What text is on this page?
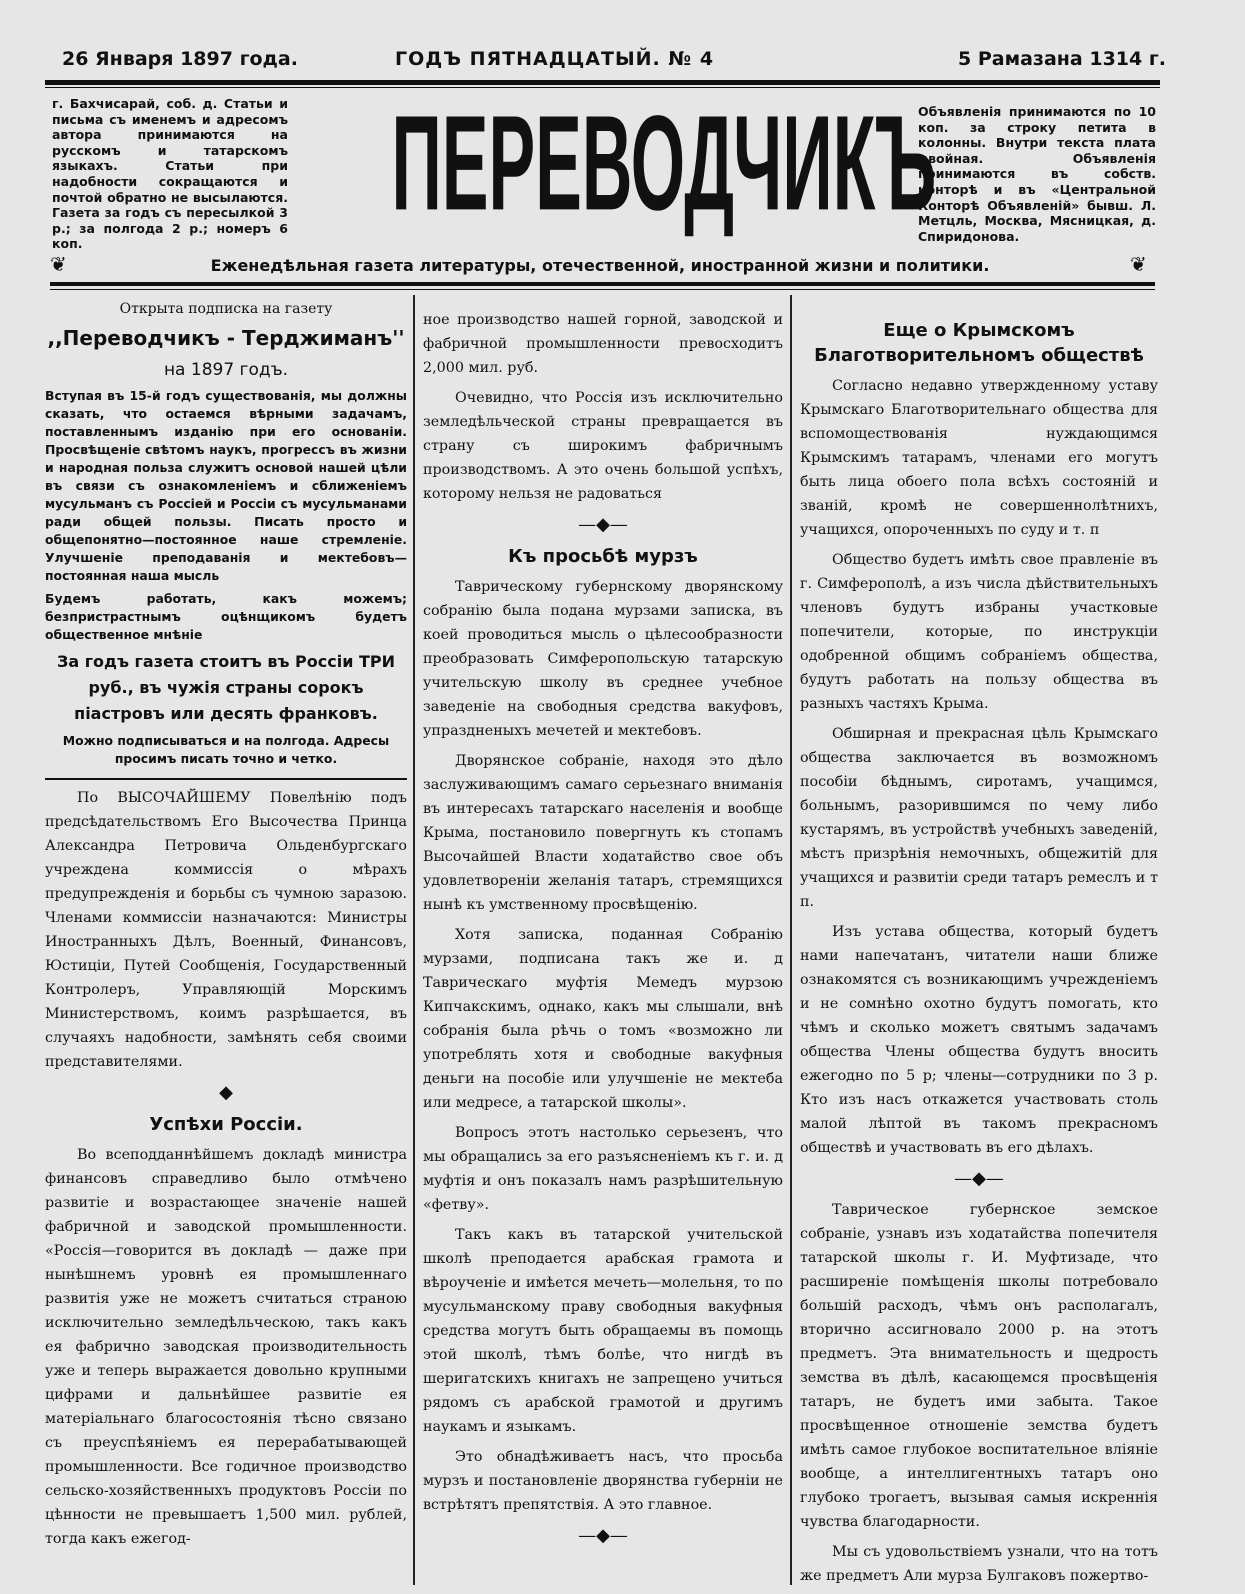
26 Января 1897 года.	ГОДЪ ПЯТНАДЦАТЫЙ. № 4	5 Рамазана 1314 г.
г. Бахчисарай, соб. д. Статьи и письма съ именемъ и адресомъ автора принимаются на русскомъ и татарскомъ языкахъ. Статьи при надобности сокращаются и почтой обратно не высылаются. Газета за годъ съ пересылкой 3 р.; за полгода 2 р.; номеръ 6 коп.
ПЕРЕВОДЧИКЪ
Объявленія принимаются по 10 коп. за строку петита в колонны. Внутри текста плата двойная. Объявленія принимаются въ собств. конторѣ и въ «Центральной Конторѣ Объявленій» бывш. Л. Метцль, Москва, Мясницкая, д. Спиридонова.
❦	Еженедѣльная газета литературы, отечественной, иностранной жизни и политики.	❦

Открыта подписка на газету

,,Переводчикъ - Терджиманъ''

на 1897 годъ.

Вступая въ 15-й годъ существованія, мы должны сказать, что остаемся вѣрными задачамъ, поставленнымъ изданію при его основаніи. Просвѣщеніе свѣтомъ наукъ, прогрессъ въ жизни и народная польза служитъ основой нашей цѣли въ связи съ ознакомленіемъ и сближеніемъ мусульманъ съ Россіей и Россіи съ мусульманами ради общей пользы. Писать просто и общепонятно—постоянное наше стремленіе. Улучшеніе преподаванія и мектебовъ—постоянная наша мысль

Будемъ работать, какъ можемъ; безпристрастнымъ оцѣнщикомъ будетъ общественное мнѣніе

За годъ газета стоитъ въ Россіи ТРИ руб., въ чужія страны сорокъ піастровъ или десять франковъ.

Можно подписываться и на полгода. Адресы просимъ писать точно и четко.

По ВЫСОЧАЙШЕМУ Повелѣнію подъ предсѣдательствомъ Его Высочества Принца Александра Петровича Ольденбургскаго учреждена коммиссія о мѣрахъ предупрежденія и борьбы съ чумною заразою. Членами коммиссіи назначаются: Министры Иностранныхъ Дѣлъ, Военный, Финансовъ, Юстиціи, Путей Сообщенія, Государственный Контролеръ, Управляющій Морскимъ Министерствомъ, коимъ разрѣшается, въ случаяхъ надобности, замѣнять себя своими представителями.

◆
Успѣхи Россіи.

Во всеподданнѣйшемъ докладѣ министра финансовъ справедливо было отмѣчено развитіе и возрастающее значеніе нашей фабричной и заводской промышленности. «Россія—говорится въ докладѣ — даже при нынѣшнемъ уровнѣ ея промышленнаго развитія уже не можетъ считаться страною исключительно земледѣльческою, такъ какъ ея фабрично заводская производительность уже и теперь выражается довольно крупными цифрами и дальнѣйшее развитіе ея матеріальнаго благосостоянія тѣсно связано съ преуспѣяніемъ ея перерабатывающей промышленности. Все годичное производство сельско-хозяйственныхъ продуктовъ Россіи по цѣнности не превышаетъ 1,500 мил. рублей, тогда какъ ежегод-

ное производство нашей горной, заводской и фабричной промышленности превосходитъ 2,000 мил. руб.

Очевидно, что Россія изъ исключительно земледѣльческой страны превращается въ страну съ широкимъ фабричнымъ производствомъ. А это очень большой успѣхъ, которому нельзя не радоваться

—◆—
Къ просьбѣ мурзъ

Таврическому губернскому дворянскому собранію была подана мурзами записка, въ коей проводиться мысль о цѣлесообразности преобразовать Симферопольскую татарскую учительскую школу въ среднее учебное заведеніе на свободныя средства вакуфовъ, упраздненыхъ мечетей и мектебовъ.

Дворянское собраніе, находя это дѣло заслуживающимъ самаго серьезнаго вниманія въ интересахъ татарскаго населенія и вообще Крыма, постановило повергнуть къ стопамъ Высочайшей Власти ходатайство свое объ удовлетвореніи желанія татаръ, стремящихся нынѣ къ умственному просвѣщенію.

Хотя записка, поданная Собранію мурзами, подписана такъ же и. д Таврическаго муфтія Мемедъ мурзою Кипчакскимъ, однако, какъ мы слышали, внѣ собранія была рѣчь о томъ «возможно ли употреблять хотя и свободные вакуфныя деньги на пособіе или улучшеніе не мектеба или медресе, а татарской школы».

Вопросъ этотъ настолько серьезенъ, что мы обращались за его разъясненіемъ къ г. и. д муфтія и онъ показалъ намъ разрѣшительную «фетву».

Такъ какъ въ татарской учительской школѣ преподается арабская грамота и вѣроученіе и имѣется мечеть—молельня, то по мусульманскому праву свободныя вакуфныя средства могутъ быть обращаемы въ помощь этой школѣ, тѣмъ болѣе, что нигдѣ въ шеригатскихъ книгахъ не запрещено учиться рядомъ съ арабской грамотой и другимъ наукамъ и языкамъ.

Это обнадѣживаетъ насъ, что просьба мурзъ и постановленіе дворянства губерніи не встрѣтятъ препятствія. А это главное.

—◆—
Еще о Крымскомъ Благотворительномъ обществѣ

Согласно недавно утвержденному уставу Крымскаго Благотворительнаго общества для вспомоществованія нуждающимся Крымскимъ татарамъ, членами его могутъ быть лица обоего пола всѣхъ состояній и званій, кромѣ не совершеннолѣтнихъ, учащихся, опороченныхъ по суду и т. п

Общество будетъ имѣть свое правленіе въ г. Симферополѣ, а изъ числа дѣйствительныхъ членовъ будутъ избраны участковые попечители, которые, по инструкціи одобренной общимъ собраніемъ общества, будутъ работать на пользу общества въ разныхъ частяхъ Крыма.

Обширная и прекрасная цѣль Крымскаго общества заключается въ возможномъ пособіи бѣднымъ, сиротамъ, учащимся, больнымъ, разорившимся по чему либо кустарямъ, въ устройствѣ учебныхъ заведеній, мѣстъ призрѣнія немочныхъ, общежитій для учащихся и развитіи среди татаръ ремеслъ и т п.

Изъ устава общества, который будетъ нами напечатанъ, читатели наши ближе ознакомятся съ возникающимъ учрежденіемъ и не сомнѣно охотно будутъ помогать, кто чѣмъ и сколько можетъ святымъ задачамъ общества Члены общества будутъ вносить ежегодно по 5 р; члены—сотрудники по 3 р. Кто изъ насъ откажется участвовать столь малой лѣптой въ такомъ прекрасномъ обществѣ и участвовать въ его дѣлахъ.

—◆—

Таврическое губернское земское собраніе, узнавъ изъ ходатайства попечителя татарской школы г. И. Муфтизаде, что расширеніе помѣщенія школы потребовало большій расходъ, чѣмъ онъ располагалъ, вторично ассигновало 2000 р. на этотъ предметъ. Эта внимательность и щедрость земства въ дѣлѣ, касающемся просвѣщенія татаръ, не будетъ ими забыта. Такое просвѣщенное отношеніе земства будетъ имѣть самое глубокое воспитательное вліяніе вообще, а интеллигентныхъ татаръ оно глубоко трогаетъ, вызывая самыя искреннія чувства благодарности.

Мы съ удовольствіемъ узнали, что на тотъ же предметъ Али мурза Булгаковъ пожертво-
